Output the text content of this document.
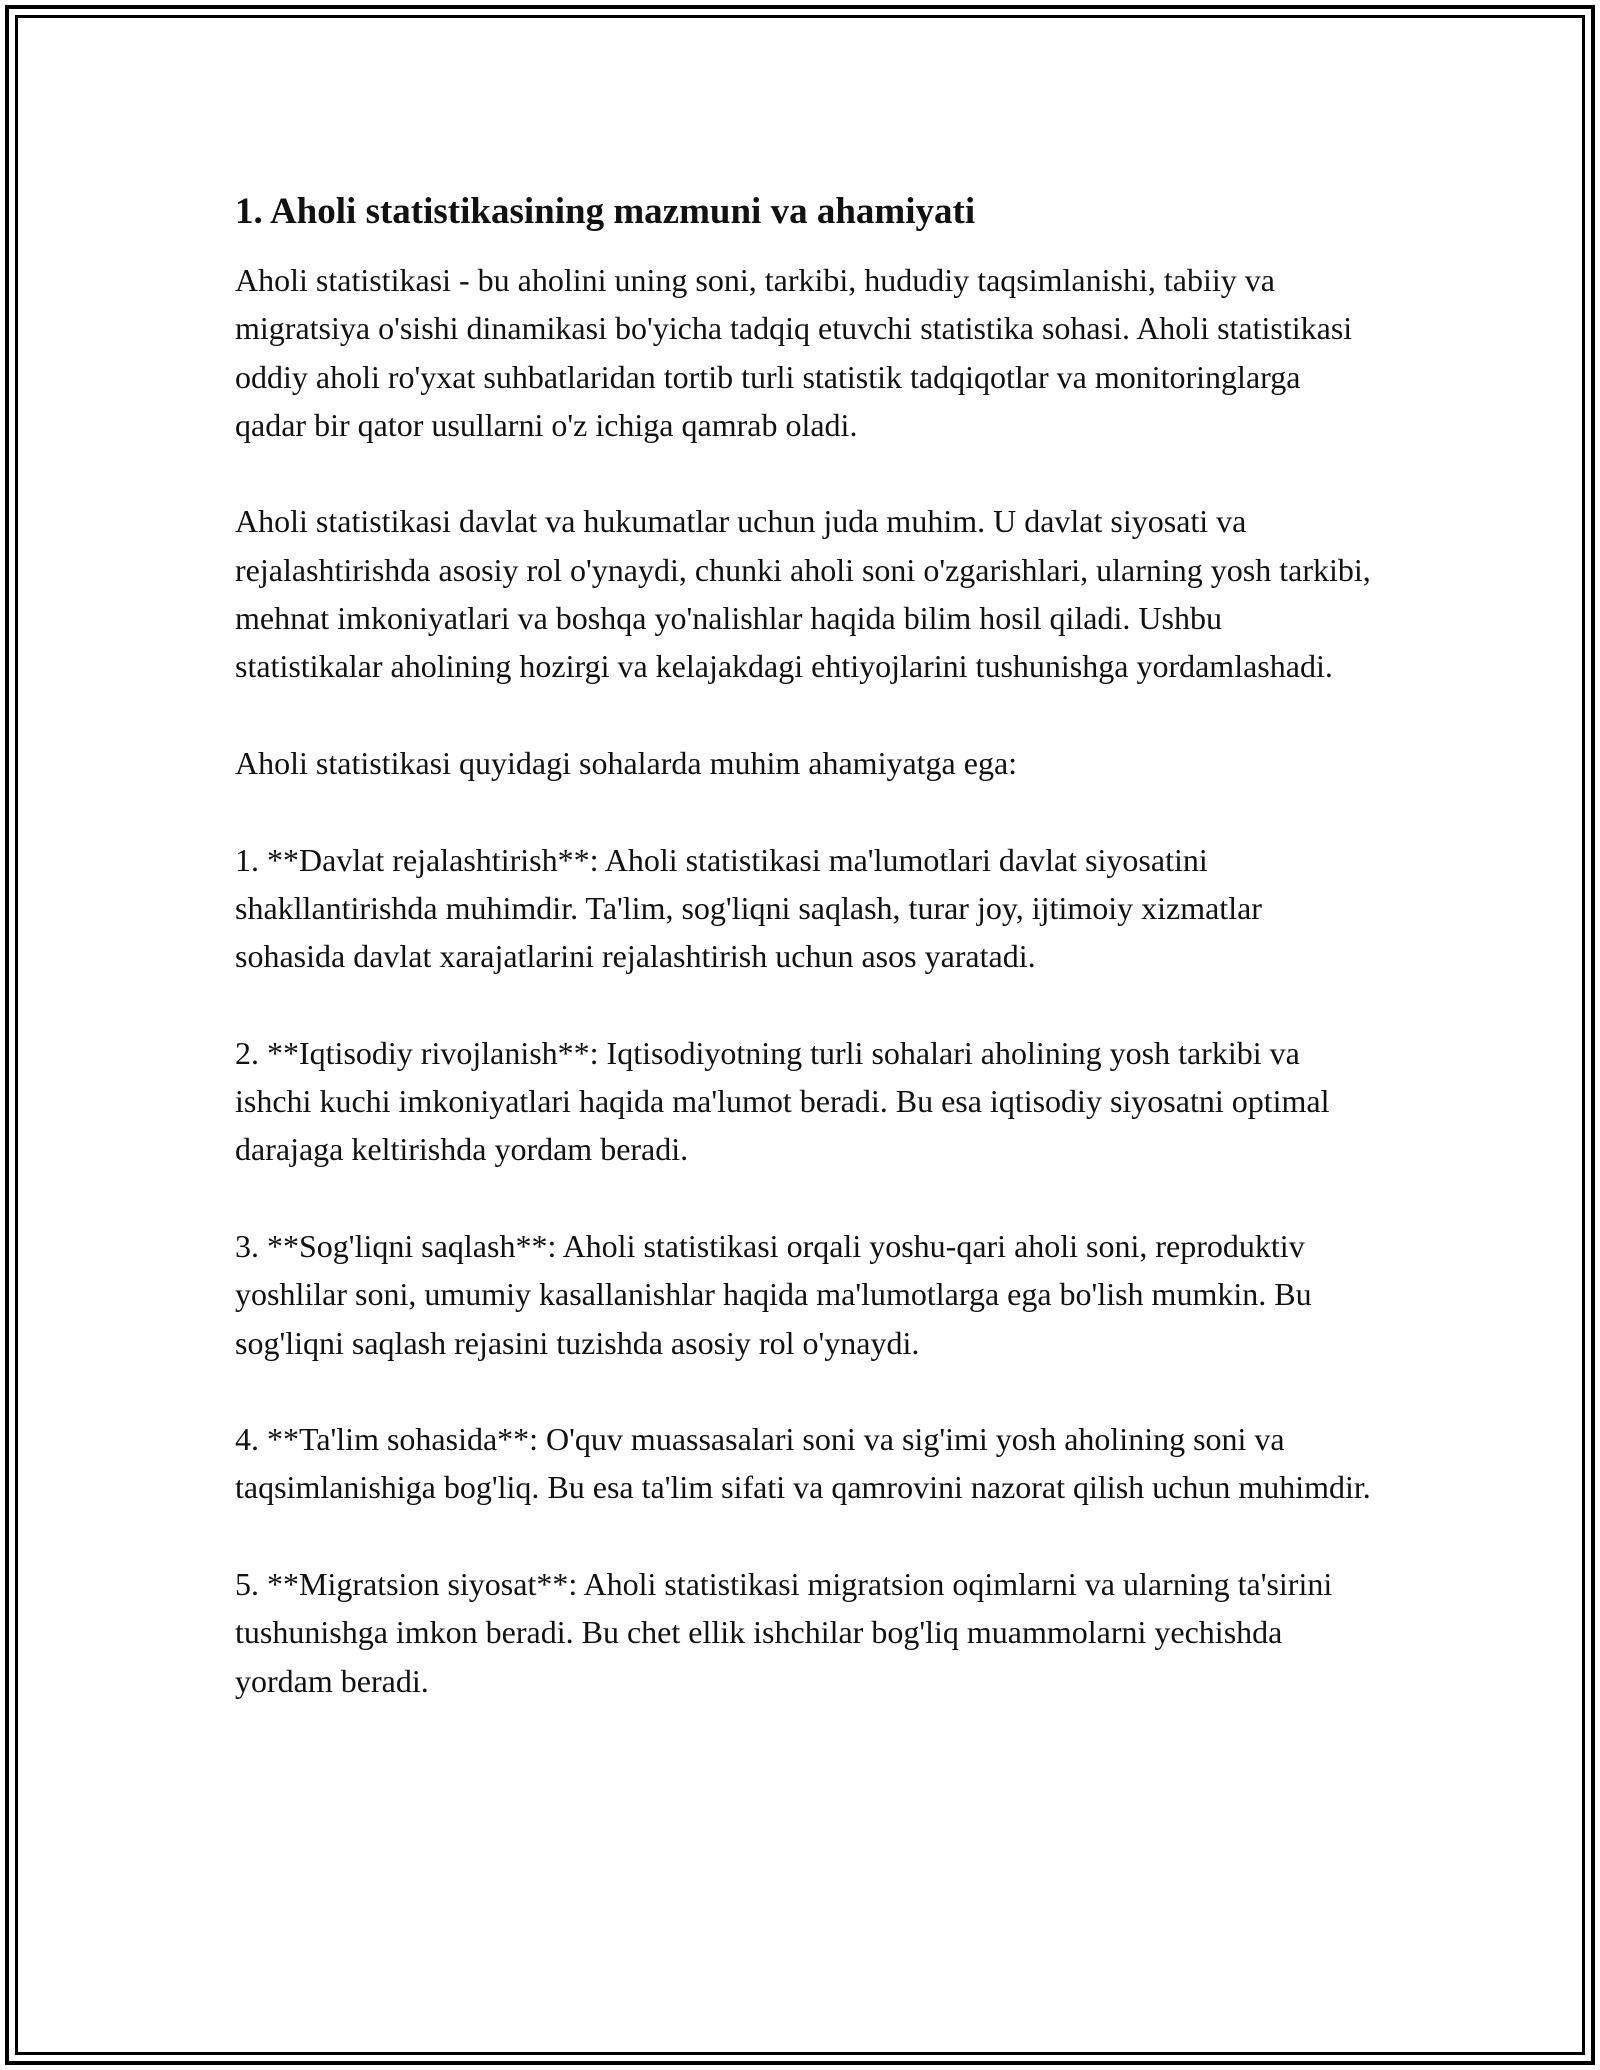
1. Aholi statistikasining mazmuni va ahamiyati

Aholi statistikasi - bu aholini uning soni, tarkibi, hududiy taqsimlanishi, tabiiy va migratsiya o'sishi dinamikasi bo'yicha tadqiq etuvchi statistika sohasi. Aholi statistikasi oddiy aholi ro'yxat suhbatlaridan tortib turli statistik tadqiqotlar va monitoringlarga qadar bir qator usullarni o'z ichiga qamrab oladi.

Aholi statistikasi davlat va hukumatlar uchun juda muhim. U davlat siyosati va rejalashtirishda asosiy rol o'ynaydi, chunki aholi soni o'zgarishlari, ularning yosh tarkibi, mehnat imkoniyatlari va boshqa yo'nalishlar haqida bilim hosil qiladi. Ushbu statistikalar aholining hozirgi va kelajakdagi ehtiyojlarini tushunishga yordamlashadi.

Aholi statistikasi quyidagi sohalarda muhim ahamiyatga ega:

1. **Davlat rejalashtirish**: Aholi statistikasi ma'lumotlari davlat siyosatini shakllantirishda muhimdir. Ta'lim, sog'liqni saqlash, turar joy, ijtimoiy xizmatlar sohasida davlat xarajatlarini rejalashtirish uchun asos yaratadi.

2. **Iqtisodiy rivojlanish**: Iqtisodiyotning turli sohalari aholining yosh tarkibi va ishchi kuchi imkoniyatlari haqida ma'lumot beradi. Bu esa iqtisodiy siyosatni optimal darajaga keltirishda yordam beradi.

3. **Sog'liqni saqlash**: Aholi statistikasi orqali yoshu-qari aholi soni, reproduktiv yoshlilar soni, umumiy kasallanishlar haqida ma'lumotlarga ega bo'lish mumkin. Bu sog'liqni saqlash rejasini tuzishda asosiy rol o'ynaydi.

4. **Ta'lim sohasida**: O'quv muassasalari soni va sig'imi yosh aholining soni va taqsimlanishiga bog'liq. Bu esa ta'lim sifati va qamrovini nazorat qilish uchun muhimdir.

5. **Migratsion siyosat**: Aholi statistikasi migratsion oqimlarni va ularning ta'sirini tushunishga imkon beradi. Bu chet ellik ishchilar bog'liq muammolarni yechishda yordam beradi.
